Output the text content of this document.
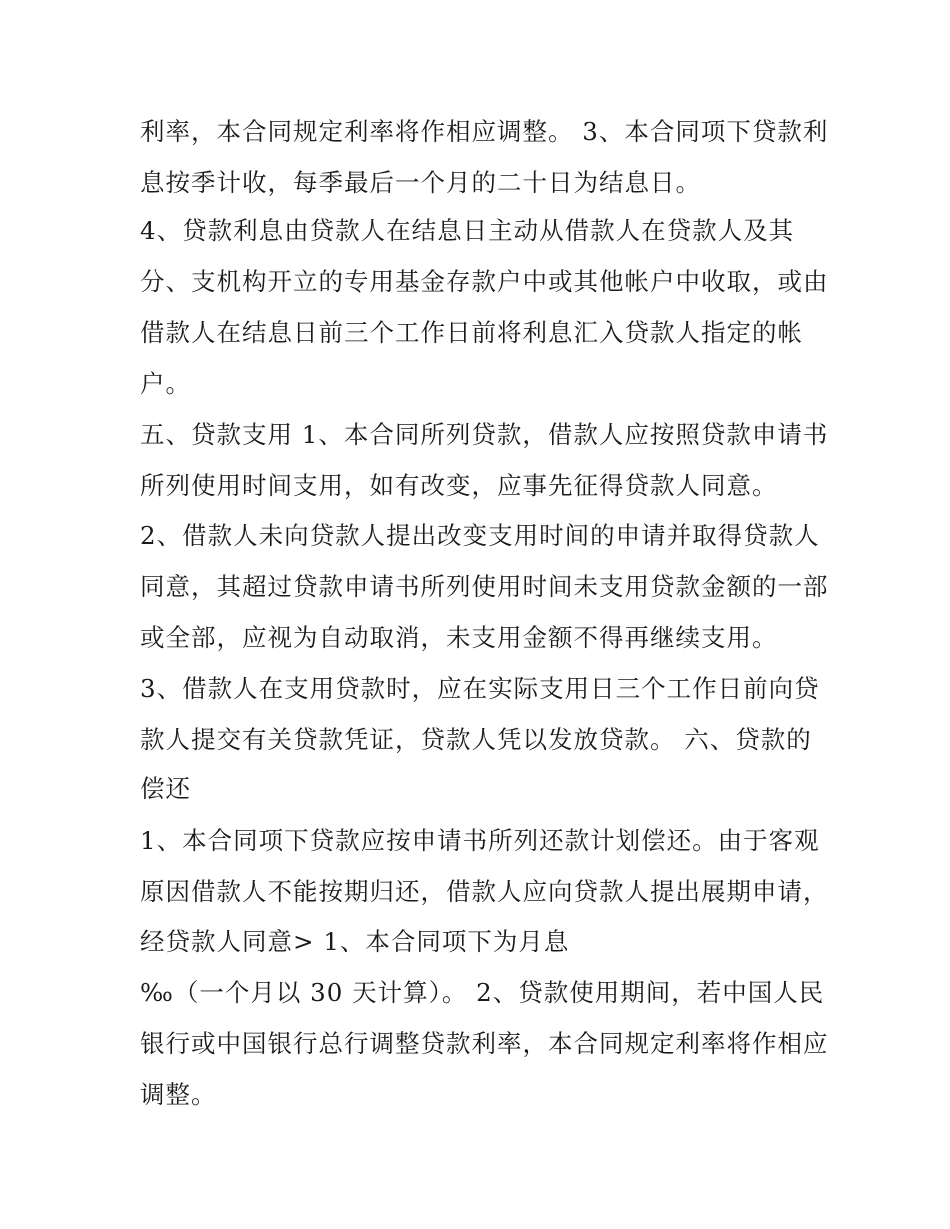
利率，本合同规定利率将作相应调整。 3、本合同项下贷款利

息按季计收，每季最后一个月的二十日为结息日。

4、贷款利息由贷款人在结息日主动从借款人在贷款人及其

分、支机构开立的专用基金存款户中或其他帐户中收取，或由

借款人在结息日前三个工作日前将利息汇入贷款人指定的帐

户。

五、贷款支用 1、本合同所列贷款，借款人应按照贷款申请书

所列使用时间支用，如有改变，应事先征得贷款人同意。

2、借款人未向贷款人提出改变支用时间的申请并取得贷款人

同意，其超过贷款申请书所列使用时间未支用贷款金额的一部

或全部，应视为自动取消，未支用金额不得再继续支用。

3、借款人在支用贷款时，应在实际支用日三个工作日前向贷

款人提交有关贷款凭证，贷款人凭以发放贷款。 六、贷款的

偿还

1、本合同项下贷款应按申请书所列还款计划偿还。由于客观

原因借款人不能按期归还，借款人应向贷款人提出展期申请，

经贷款人同意> 1、本合同项下为月息

‰（一个月以 30 天计算）。 2、贷款使用期间，若中国人民

银行或中国银行总行调整贷款利率，本合同规定利率将作相应

调整。
